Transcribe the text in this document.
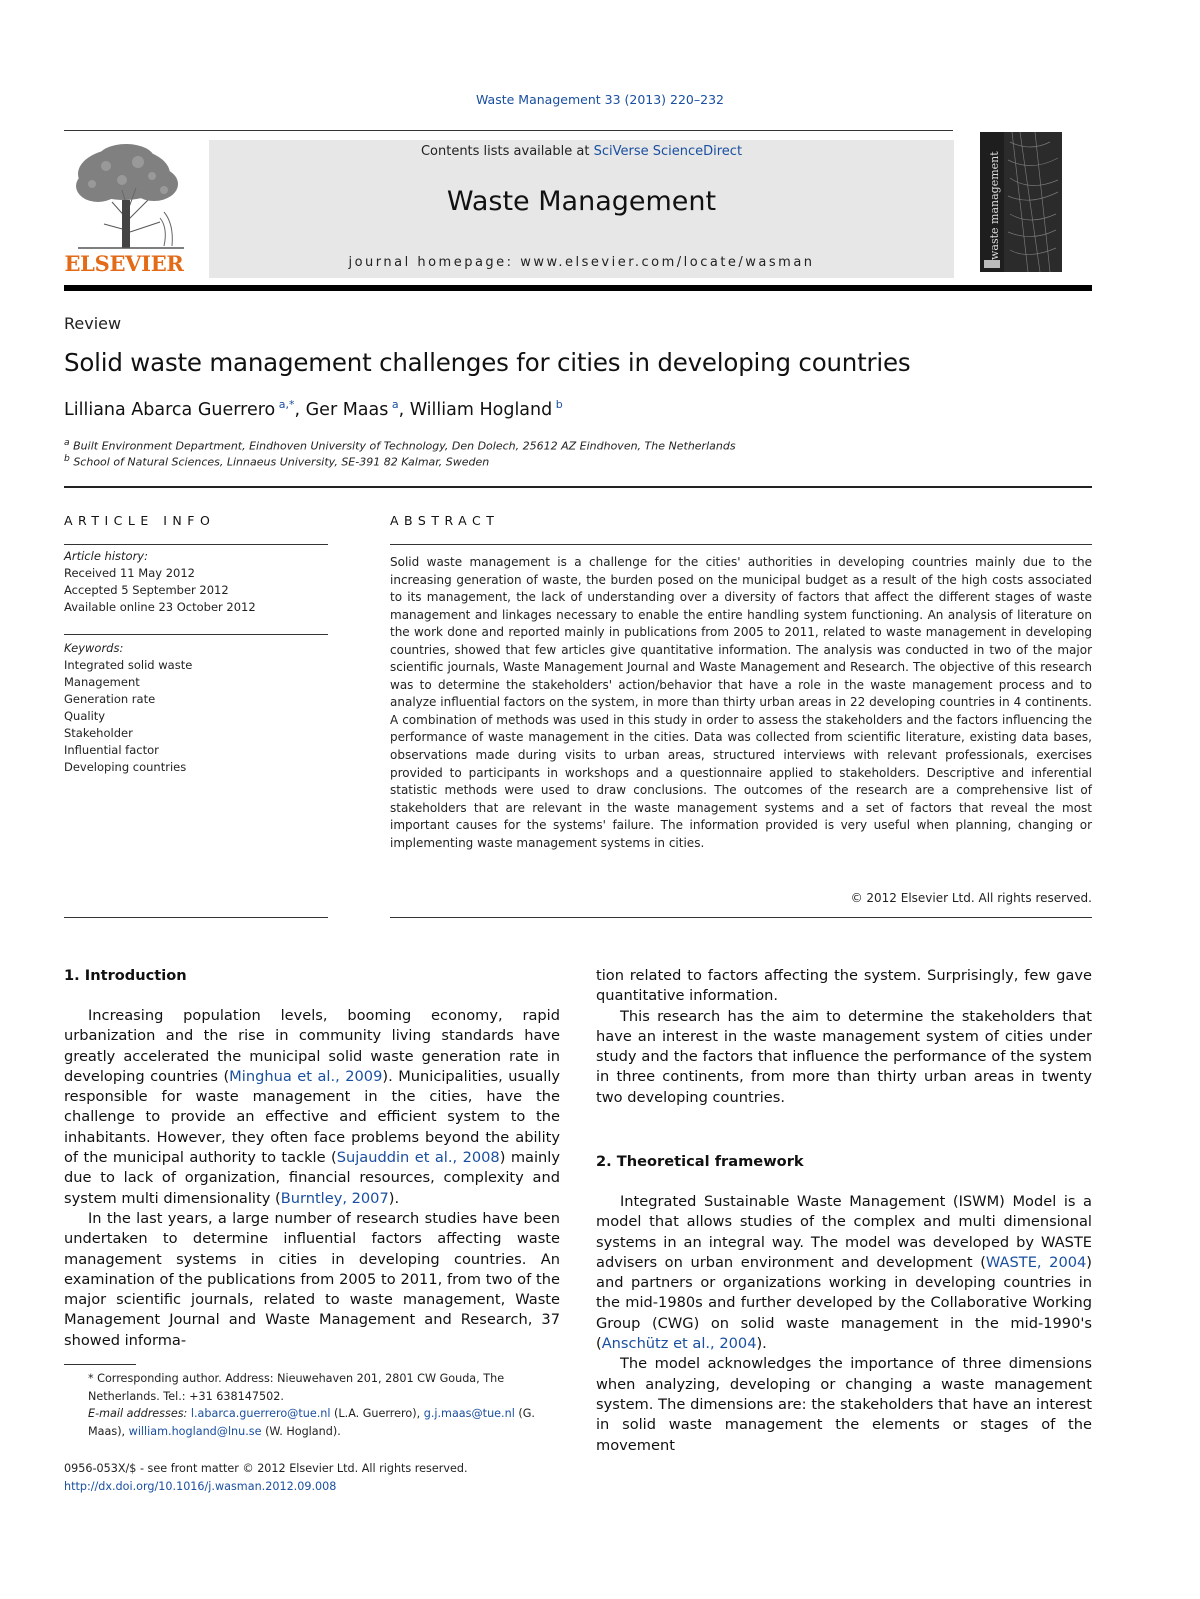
Waste Management 33 (2013) 220–232
ELSEVIER
Contents lists available at SciVerse ScienceDirect
Waste Management
journal homepage: www.elsevier.com/locate/wasman
waste management
Review
Solid waste management challenges for cities in developing countries
Lilliana Abarca Guerrero  $^{a,*}$, Ger Maas  $^a$, William Hogland  $^b$
$^a$ Built Environment Department, Eindhoven University of Technology, Den Dolech, 25612 AZ Eindhoven, The Netherlands
$^b$ School of Natural Sciences, Linnaeus University, SE-391 82 Kalmar, Sweden
ARTICLE INFO
Article history:
Received 11 May 2012
Accepted 5 September 2012
Available online 23 October 2012
Keywords:
Integrated solid waste
Management
Generation rate
Quality
Stakeholder
Influential factor
Developing countries
ABSTRACT
Solid waste management is a challenge for the cities' authorities in developing countries mainly due to the increasing generation of waste, the burden posed on the municipal budget as a result of the high costs associated to its management, the lack of understanding over a diversity of factors that affect the different stages of waste management and linkages necessary to enable the entire handling system functioning. An analysis of literature on the work done and reported mainly in publications from 2005 to 2011, related to waste management in developing countries, showed that few articles give quantitative information. The analysis was conducted in two of the major scientific journals, Waste Management Journal and Waste Management and Research. The objective of this research was to determine the stakeholders' action/behavior that have a role in the waste management process and to analyze influential factors on the system, in more than thirty urban areas in 22 developing countries in 4 continents. A combination of methods was used in this study in order to assess the stakeholders and the factors influencing the performance of waste management in the cities. Data was collected from scientific literature, existing data bases, observations made during visits to urban areas, structured interviews with relevant professionals, exercises provided to participants in workshops and a questionnaire applied to stakeholders. Descriptive and inferential statistic methods were used to draw conclusions. The outcomes of the research are a comprehensive list of stakeholders that are relevant in the waste management systems and a set of factors that reveal the most important causes for the systems' failure. The information provided is very useful when planning, changing or implementing waste management systems in cities.
© 2012 Elsevier Ltd. All rights reserved.
1. Introduction

Increasing population levels, booming economy, rapid urbanization and the rise in community living standards have greatly accelerated the municipal solid waste generation rate in developing countries (Minghua et al., 2009). Municipalities, usually responsible for waste management in the cities, have the challenge to provide an effective and efficient system to the inhabitants. However, they often face problems beyond the ability of the municipal authority to tackle (Sujauddin et al., 2008) mainly due to lack of organization, financial resources, complexity and system multi dimensionality (Burntley, 2007).

In the last years, a large number of research studies have been undertaken to determine influential factors affecting waste management systems in cities in developing countries. An examination of the publications from 2005 to 2011, from two of the major scientific journals, related to waste management, Waste Management Journal and Waste Management and Research, 37 showed informa-

tion related to factors affecting the system. Surprisingly, few gave quantitative information.

This research has the aim to determine the stakeholders that have an interest in the waste management system of cities under study and the factors that influence the performance of the system in three continents, from more than thirty urban areas in twenty two developing countries.

2. Theoretical framework

Integrated Sustainable Waste Management (ISWM) Model is a model that allows studies of the complex and multi dimensional systems in an integral way. The model was developed by WASTE advisers on urban environment and development (WASTE, 2004) and partners or organizations working in developing countries in the mid-1980s and further developed by the Collaborative Working Group (CWG) on solid waste management in the mid-1990's (Anschütz et al., 2004).

The model acknowledges the importance of three dimensions when analyzing, developing or changing a waste management system. The dimensions are: the stakeholders that have an interest in solid waste management the elements or stages of the movement

* Corresponding author. Address: Nieuwehaven 201, 2801 CW Gouda, The Netherlands. Tel.: +31 638147502.
E-mail addresses: l.abarca.guerrero@tue.nl (L.A. Guerrero), g.j.maas@tue.nl (G. Maas), william.hogland@lnu.se (W. Hogland).
0956-053X/$ - see front matter © 2012 Elsevier Ltd. All rights reserved.
http://dx.doi.org/10.1016/j.wasman.2012.09.008
